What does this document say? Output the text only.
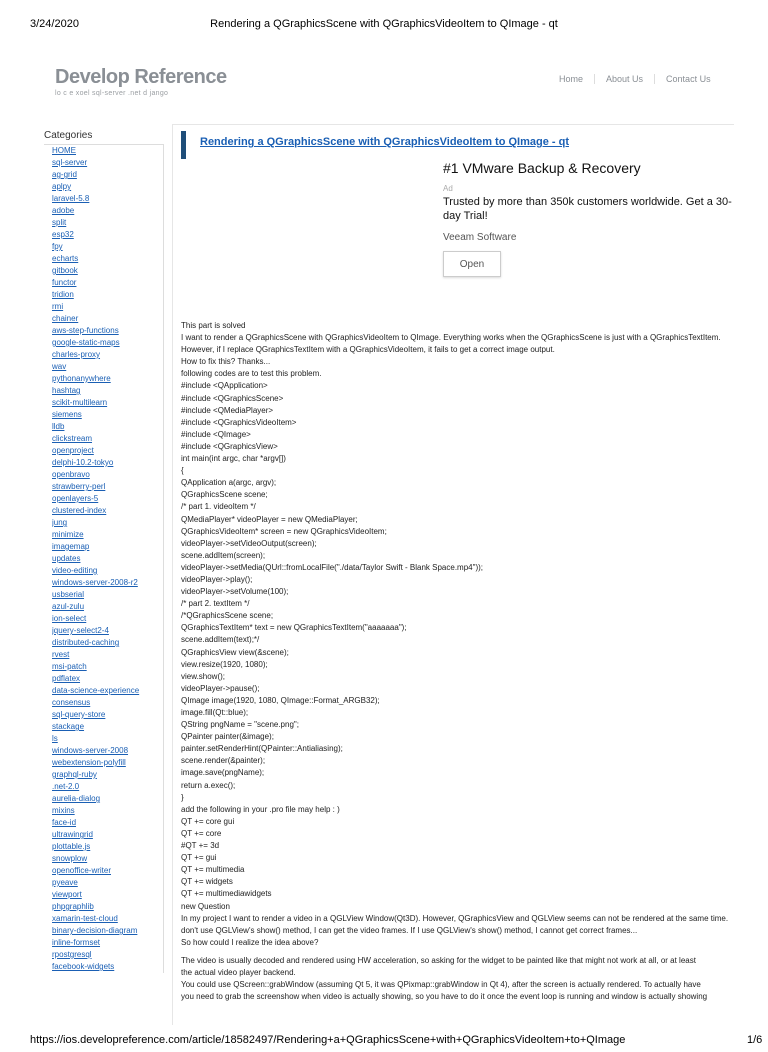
3/24/2020	Rendering a QGraphicsScene with QGraphicsVideoItem to QImage - qt
Develop Reference
lo c e xoel sql-server .net d jango
Home	About Us	Contact Us
Categories
HOME
sql-server
ag-grid
aplpy
laravel-5.8
adobe
split
esp32
fpy
echarts
gitbook
functor
tridion
rmi
chainer
aws-step-functions
google-static-maps
charles-proxy
wav
pythonanywhere
hashtag
scikit-multilearn
siemens
lldb
clickstream
openproject
delphi-10.2-tokyo
openbravo
strawberry-perl
openlayers-5
clustered-index
jung
minimize
imagemap
updates
video-editing
windows-server-2008-r2
usbserial
azul-zulu
ion-select
jquery-select2-4
distributed-caching
rvest
msi-patch
pdflatex
data-science-experience
consensus
sql-query-store
stackage
ls
windows-server-2008
webextension-polyfill
graphql-ruby
.net-2.0
aurelia-dialog
mixins
face-id
ultrawingrid
plottable.js
snowplow
openoffice-writer
pyeave
viewport
phpgraphlib
xamarin-test-cloud
binary-decision-diagram
inline-formset
rpostgresql
facebook-widgets
Rendering a QGraphicsScene with QGraphicsVideoItem to QImage - qt
#1 VMware Backup & Recovery
Ad
Trusted by more than 350k customers worldwide. Get a 30-day Trial!
Veeam Software
Open
This part is solved
I want to render a QGraphicsScene with QGraphicsVideoItem to QImage. Everything works when the QGraphicsScene is just with a QGraphicsTextItem.
However, if I replace QGraphicsTextItem with a QGraphicsVideoItem, it fails to get a correct image output.
How to fix this? Thanks...
following codes are to test this problem.
#include <QApplication>
#include <QGraphicsScene>
#include <QMediaPlayer>
#include <QGraphicsVideoItem>
#include <QImage>
#include <QGraphicsView>
int main(int argc, char *argv[])
{
QApplication a(argc, argv);
QGraphicsScene scene;
/* part 1. videoItem */
QMediaPlayer* videoPlayer = new QMediaPlayer;
QGraphicsVideoItem* screen = new QGraphicsVideoItem;
videoPlayer->setVideoOutput(screen);
scene.addItem(screen);
videoPlayer->setMedia(QUrl::fromLocalFile("./data/Taylor Swift - Blank Space.mp4"));
videoPlayer->play();
videoPlayer->setVolume(100);
/* part 2. textItem */
/*QGraphicsScene scene;
QGraphicsTextItem* text = new QGraphicsTextItem("aaaaaaa");
scene.addItem(text);*/
QGraphicsView view(&scene);
view.resize(1920, 1080);
view.show();
videoPlayer->pause();
QImage image(1920, 1080, QImage::Format_ARGB32);
image.fill(Qt::blue);
QString pngName = "scene.png";
QPainter painter(&image);
painter.setRenderHint(QPainter::Antialiasing);
scene.render(&painter);
image.save(pngName);
return a.exec();
}
add the following in your .pro file may help : )
QT += core gui
QT += core
#QT += 3d
QT += gui
QT += multimedia
QT += widgets
QT += multimediawidgets
new Question
In my project I want to render a video in a QGLView Window(Qt3D). However, QGraphicsView and QGLView seems can not be rendered at the same time.
don't use QGLView's show() method, I can get the video frames. If I use QGLView's show() method, I cannot get correct frames...
So how could I realize the idea above?
The video is usually decoded and rendered using HW acceleration, so asking for the widget to be painted like that might not work at all, or at least
the actual video player backend.
You could use QScreen::grabWindow (assuming Qt 5, it was QPixmap::grabWindow in Qt 4), after the screen is actually rendered. To actually have
you need to grab the screenshow when video is actually showing, so you have to do it once the event loop is running and window is actually showing
https://ios.developreference.com/article/18582497/Rendering+a+QGraphicsScene+with+QGraphicsVideoItem+to+QImage	1/6
